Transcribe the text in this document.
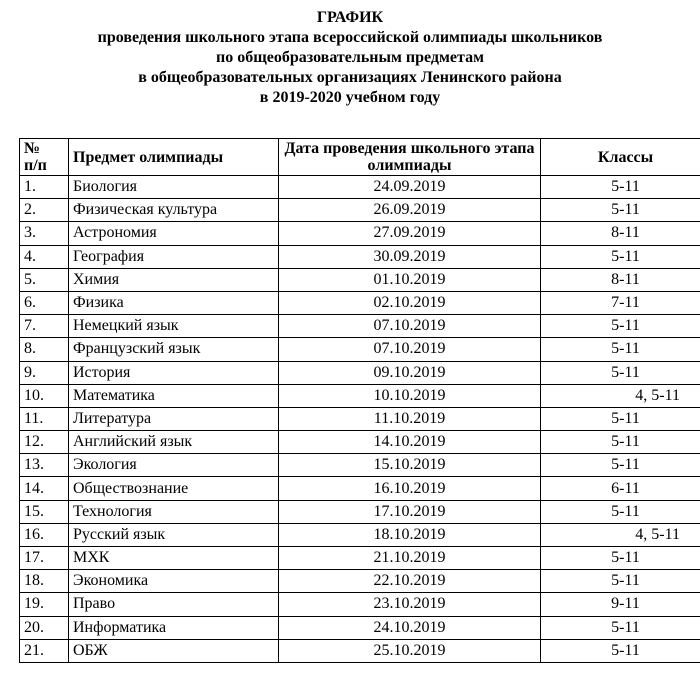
ГРАФИК
проведения школьного этапа всероссийской олимпиады школьников
по общеобразовательным предметам
в общеобразовательных организациях Ленинского района
в 2019-2020 учебном году
№
п/п	Предмет олимпиады	Дата проведения школьного этапа олимпиады	Классы
1.	Биология	24.09.2019	5-11
2.	Физическая культура	26.09.2019	5-11
3.	Астрономия	27.09.2019	8-11
4.	География	30.09.2019	5-11
5.	Химия	01.10.2019	8-11
6.	Физика	02.10.2019	7-11
7.	Немецкий язык	07.10.2019	5-11
8.	Французский язык	07.10.2019	5-11
9.	История	09.10.2019	5-11
10.	Математика	10.10.2019	4, 5-11
11.	Литература	11.10.2019	5-11
12.	Английский язык	14.10.2019	5-11
13.	Экология	15.10.2019	5-11
14.	Обществознание	16.10.2019	6-11
15.	Технология	17.10.2019	5-11
16.	Русский язык	18.10.2019	4, 5-11
17.	МХК	21.10.2019	5-11
18.	Экономика	22.10.2019	5-11
19.	Право	23.10.2019	9-11
20.	Информатика	24.10.2019	5-11
21.	ОБЖ	25.10.2019	5-11
